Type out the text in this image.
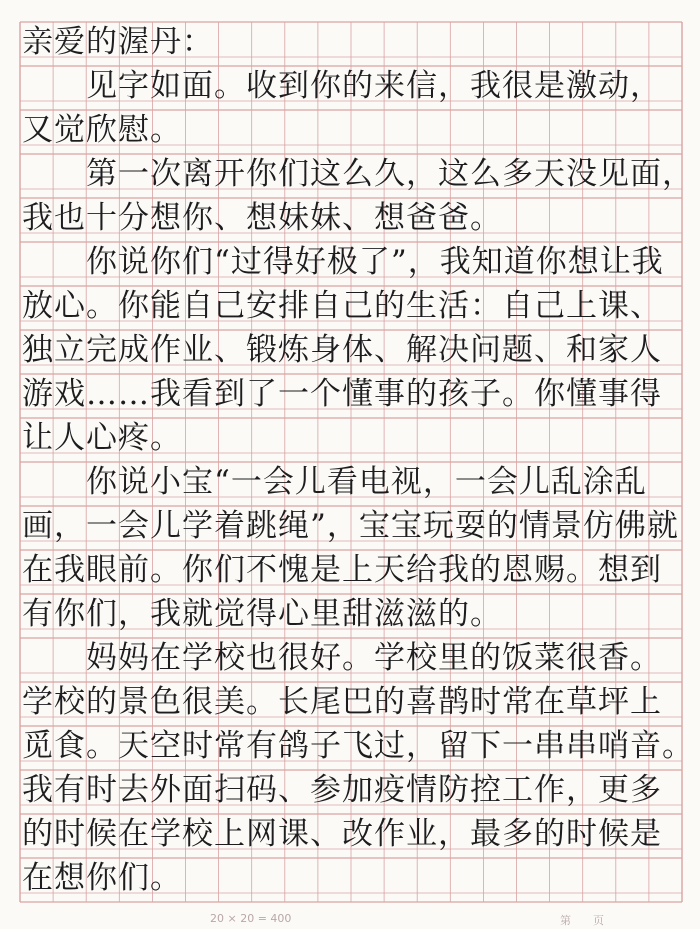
亲爱的渥丹：
　　见字如面。收到你的来信，我很是激动，
又觉欣慰。
　　第一次离开你们这么久，这么多天没见面，
我也十分想你、想妹妹、想爸爸。
　　你说你们“过得好极了”，我知道你想让我
放心。你能自己安排自己的生活：自己上课、
独立完成作业、锻炼身体、解决问题、和家人
游戏……我看到了一个懂事的孩子。你懂事得
让人心疼。
　　你说小宝“一会儿看电视，一会儿乱涂乱
画，一会儿学着跳绳”，宝宝玩耍的情景仿佛就
在我眼前。你们不愧是上天给我的恩赐。想到
有你们，我就觉得心里甜滋滋的。
　　妈妈在学校也很好。学校里的饭菜很香。
学校的景色很美。长尾巴的喜鹊时常在草坪上
觅食。天空时常有鸽子飞过，留下一串串哨音。
我有时去外面扫码、参加疫情防控工作，更多
的时候在学校上网课、改作业，最多的时候是
在想你们。
20 × 20 = 400	第　　页
